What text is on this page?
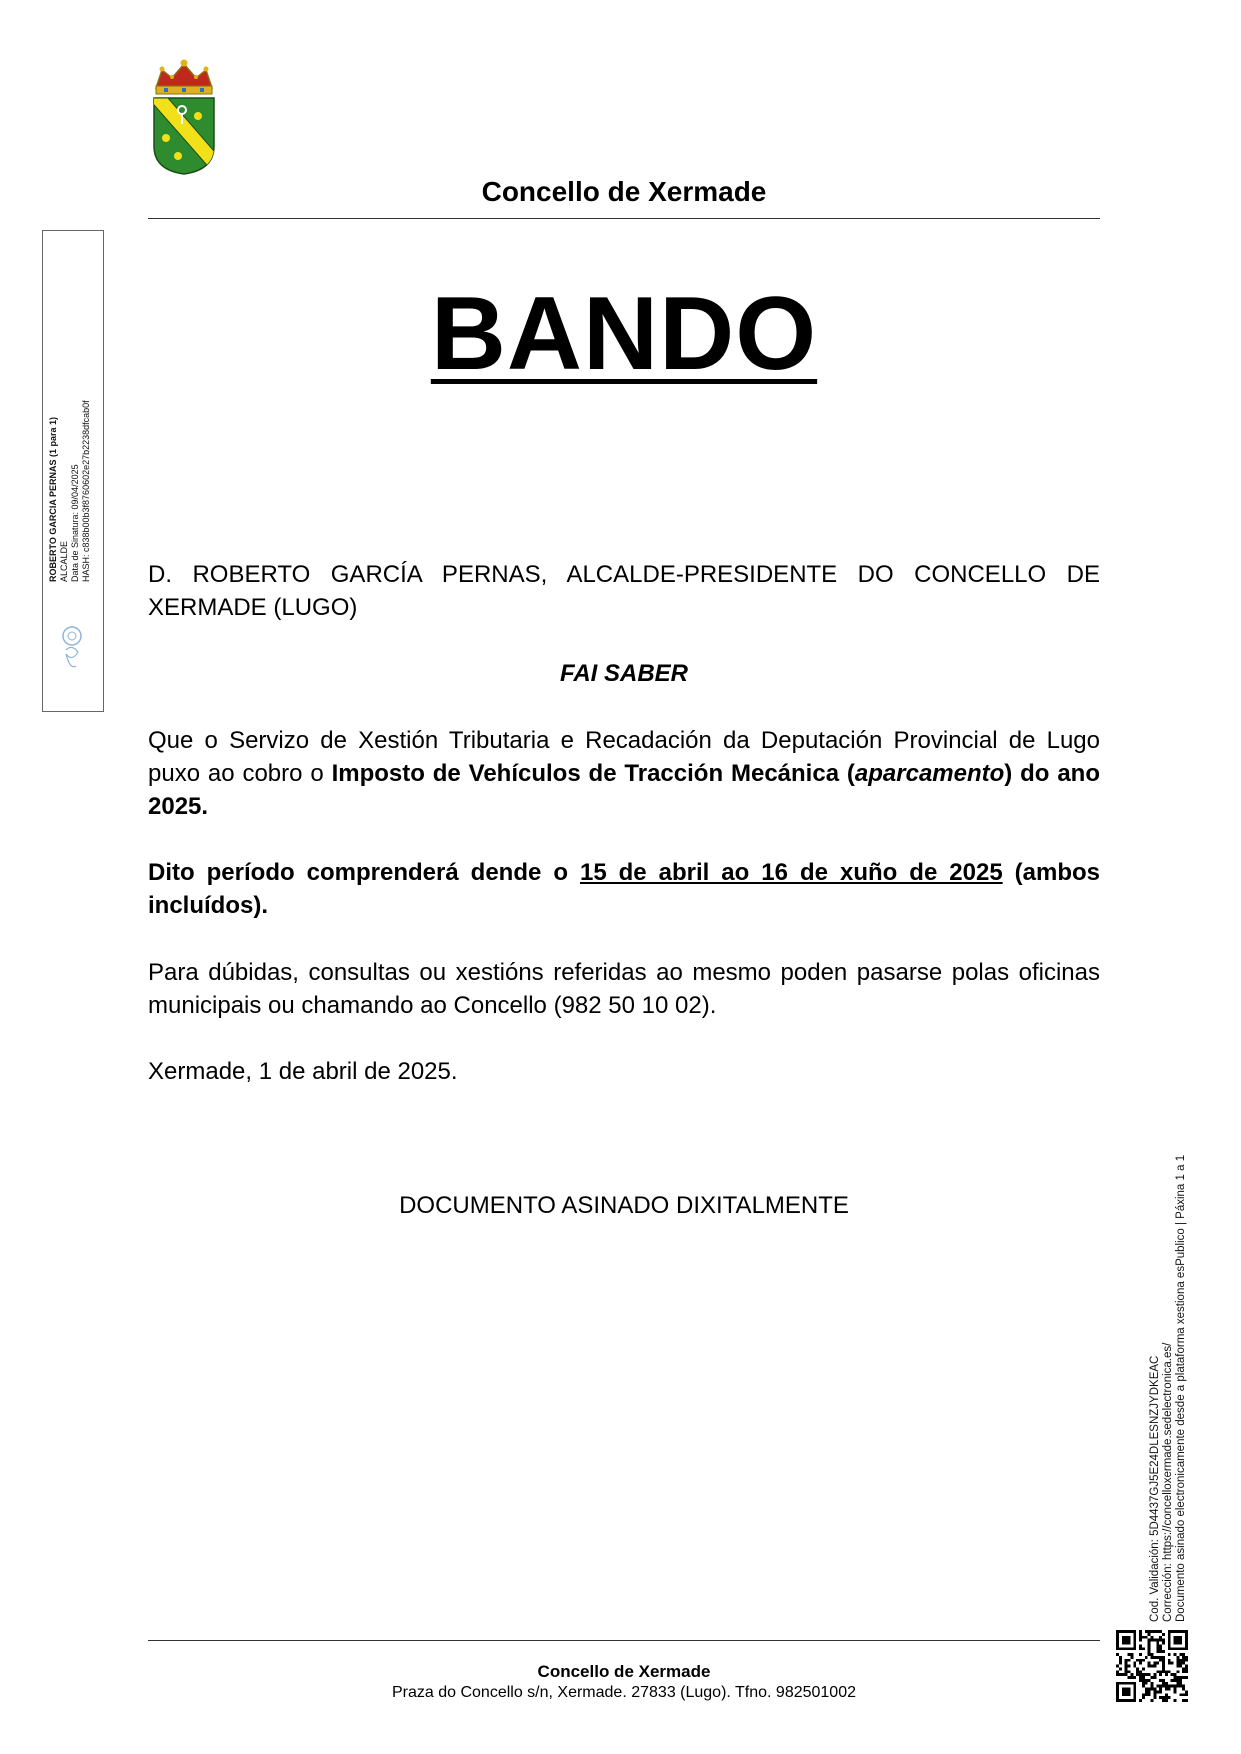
Concello de Xermade
BANDO
D. ROBERTO GARCÍA PERNAS, ALCALDE-PRESIDENTE DO CONCELLO DE XERMADE (LUGO)
FAI SABER
Que o Servizo de Xestión Tributaria e Recadación da Deputación Provincial de Lugo puxo ao cobro o Imposto de Vehículos de Tracción Mecánica (aparcamento) do ano 2025.
Dito período comprenderá dende o 15 de abril ao 16 de xuño de 2025 (ambos incluídos).
Para dúbidas, consultas ou xestións referidas ao mesmo poden pasarse polas oficinas municipais ou chamando ao Concello (982 50 10 02).
Xermade, 1 de abril de 2025.
DOCUMENTO ASINADO DIXITALMENTE
Concello de Xermade
Praza do Concello s/n, Xermade. 27833 (Lugo). Tfno. 982501002
ROBERTO GARCIA PERNAS (1 para 1) ALCALDE Data de Sinatura: 09/04/2025 HASH: c838b00b3f8760602e27b2238dfcab0f
Cod. Validación: 5D4437GJ5E24DLESNZJYDKEAC Corrección: https://concelloxermade.sedelectronica.es/ Documento asinado electronicamente desde a plataforma xestiona esPublico | Páxina 1 a 1
